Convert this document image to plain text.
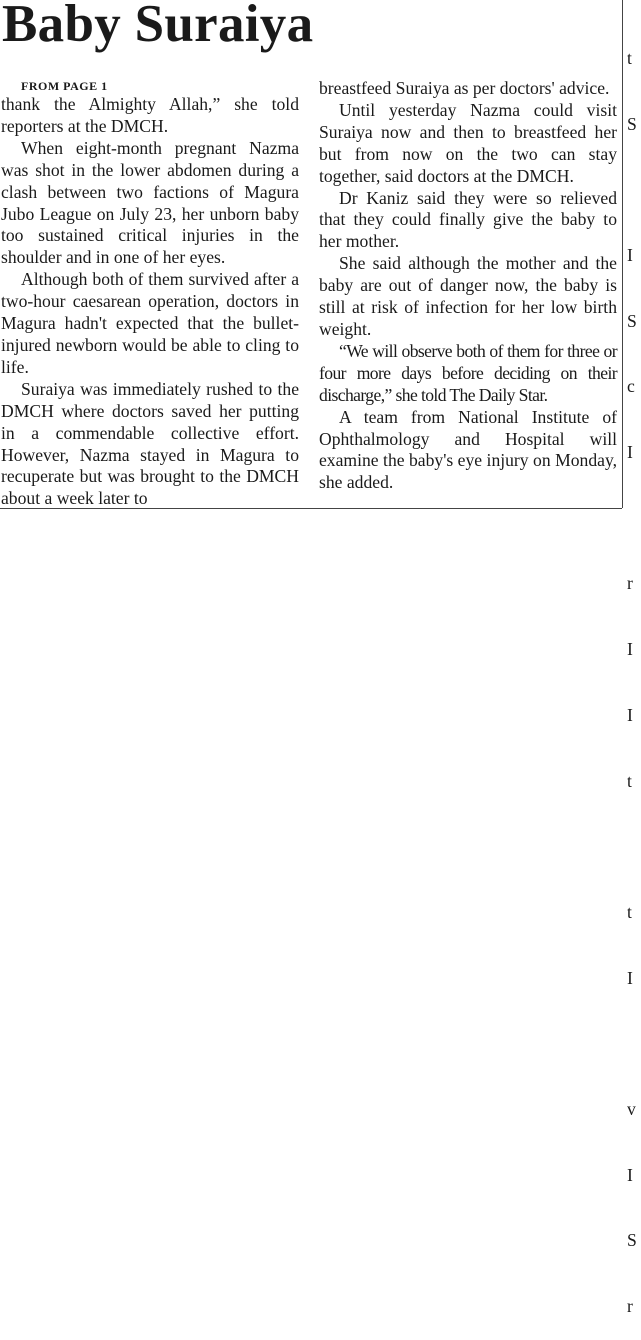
Baby Suraiya

FROM PAGE 1

thank the Almighty Allah,” she told reporters at the DMCH.

When eight-month pregnant Nazma was shot in the lower abdomen during a clash between two factions of Magura Jubo League on July 23, her unborn baby too sustained critical injuries in the shoulder and in one of her eyes.

Although both of them survived after a two-hour caesarean operation, doctors in Magura hadn't expected that the bullet-injured newborn would be able to cling to life.

Suraiya was immediately rushed to the DMCH where doctors saved her putting in a commendable collective effort. However, Nazma stayed in Magura to recuperate but was brought to the DMCH about a week later to

breastfeed Suraiya as per doctors' advice.

Until yesterday Nazma could visit Suraiya now and then to breastfeed her but from now on the two can stay together, said doctors at the DMCH.

Dr Kaniz said they were so relieved that they could finally give the baby to her mother.

She said although the mother and the baby are out of danger now, the baby is still at risk of infection for her low birth weight.

“We will observe both of them for three or four more days before deciding on their discharge,” she told The Daily Star.

A team from National Institute of Ophthalmology and Hospital will examine the baby's eye injury on Monday, she added.

t

S

I

S

c

I

r

I

I

t

t

I

v

I

S

r
